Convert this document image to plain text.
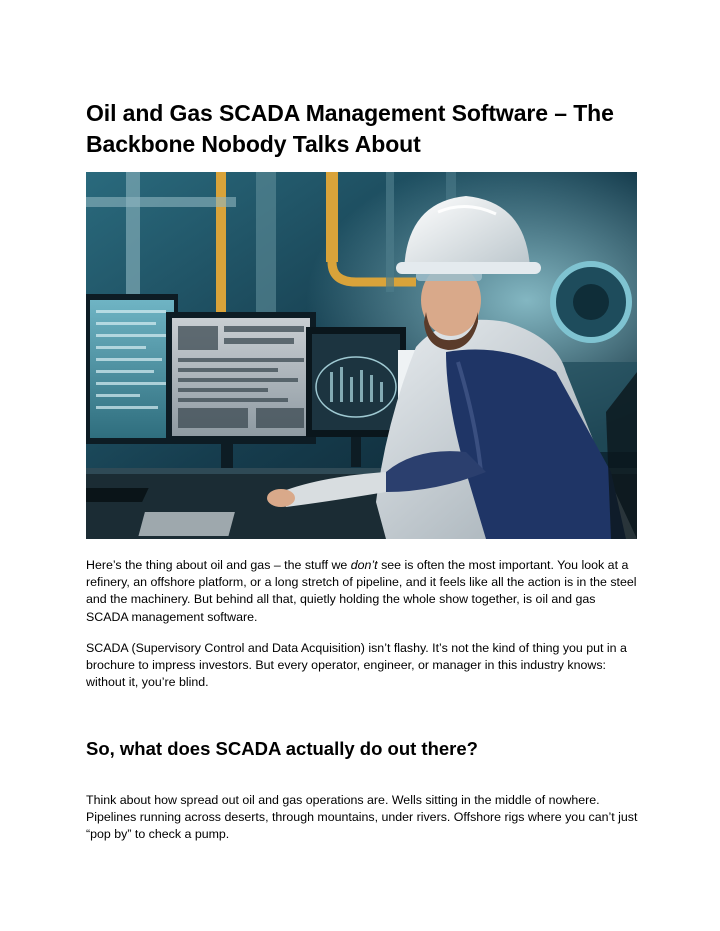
Oil and Gas SCADA Management Software – The Backbone Nobody Talks About

Here’s the thing about oil and gas – the stuff we don’t see is often the most important. You look at a refinery, an offshore platform, or a long stretch of pipeline, and it feels like all the action is in the steel and the machinery. But behind all that, quietly holding the whole show together, is oil and gas SCADA management software.

SCADA (Supervisory Control and Data Acquisition) isn’t flashy. It’s not the kind of thing you put in a brochure to impress investors. But every operator, engineer, or manager in this industry knows: without it, you’re blind.

So, what does SCADA actually do out there?

Think about how spread out oil and gas operations are. Wells sitting in the middle of nowhere. Pipelines running across deserts, through mountains, under rivers. Offshore rigs where you can’t just “pop by” to check a pump.
